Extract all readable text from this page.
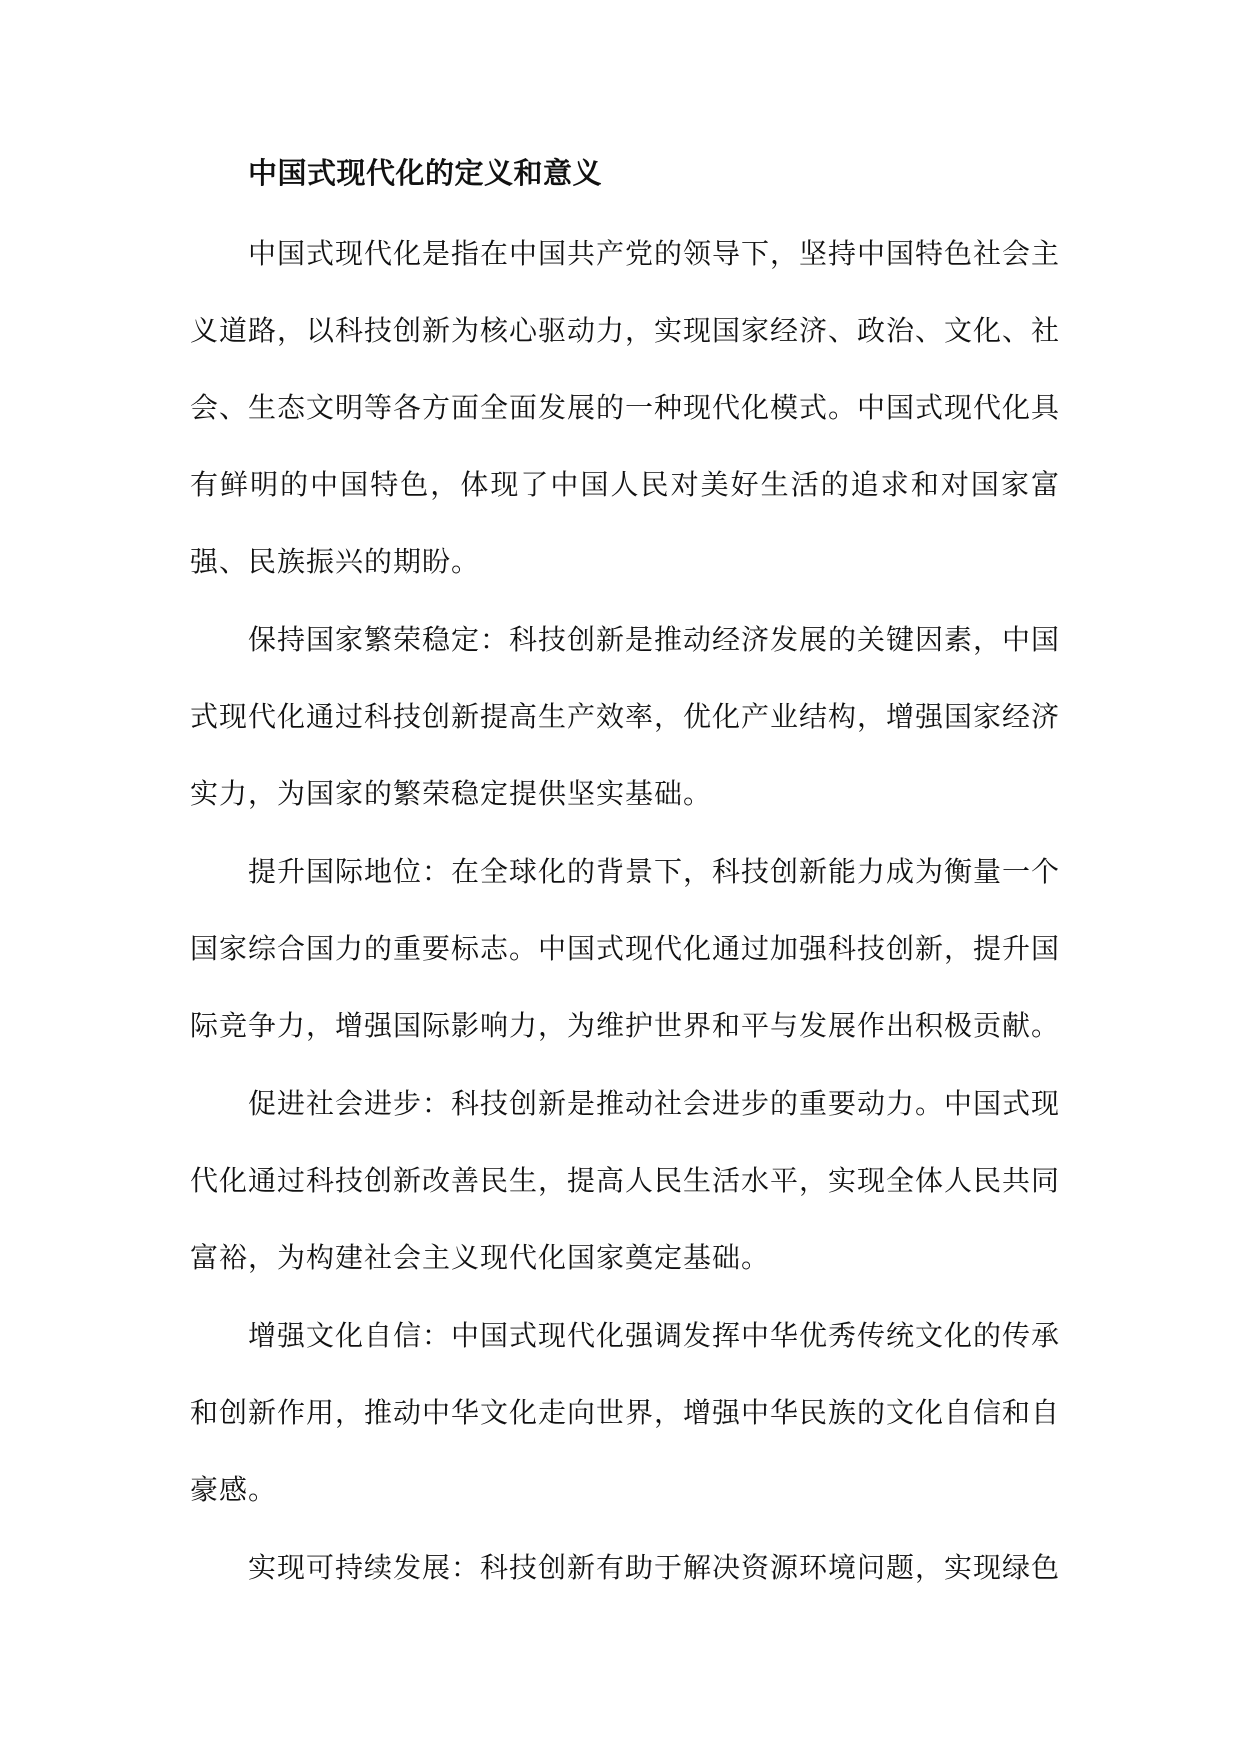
中国式现代化的定义和意义

中国式现代化是指在中国共产党的领导下，坚持中国特色社会主义道路，以科技创新为核心驱动力，实现国家经济、政治、文化、社会、生态文明等各方面全面发展的一种现代化模式。中国式现代化具有鲜明的中国特色，体现了中国人民对美好生活的追求和对国家富强、民族振兴的期盼。

保持国家繁荣稳定：科技创新是推动经济发展的关键因素，中国式现代化通过科技创新提高生产效率，优化产业结构，增强国家经济实力，为国家的繁荣稳定提供坚实基础。

提升国际地位：在全球化的背景下，科技创新能力成为衡量一个国家综合国力的重要标志。中国式现代化通过加强科技创新，提升国际竞争力，增强国际影响力，为维护世界和平与发展作出积极贡献。

促进社会进步：科技创新是推动社会进步的重要动力。中国式现代化通过科技创新改善民生，提高人民生活水平，实现全体人民共同富裕，为构建社会主义现代化国家奠定基础。

增强文化自信：中国式现代化强调发挥中华优秀传统文化的传承和创新作用，推动中华文化走向世界，增强中华民族的文化自信和自豪感。

实现可持续发展：科技创新有助于解决资源环境问题，实现绿色
